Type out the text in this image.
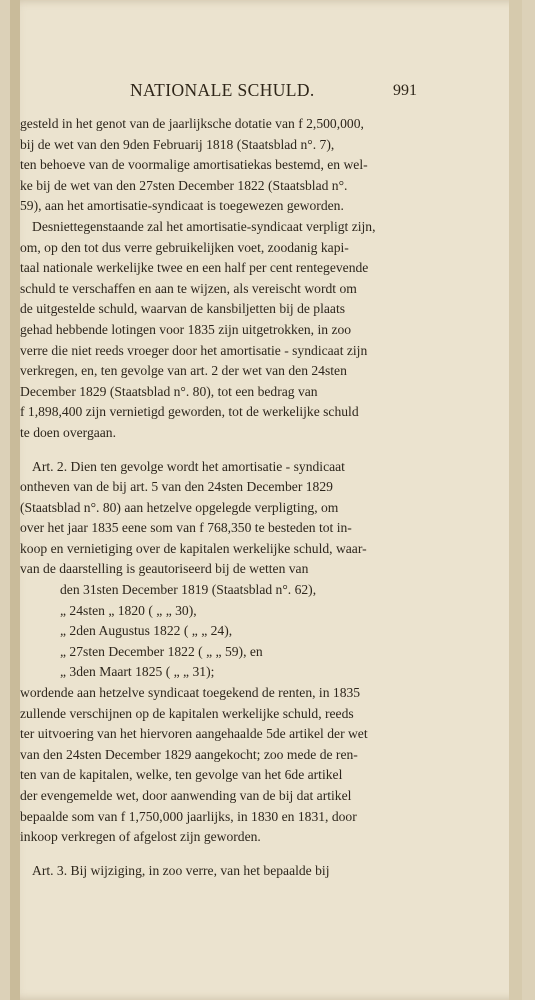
NATIONALE SCHULD.	991

gesteld in het genot van de jaarlijksche dotatie van f 2,500,000,

bij de wet van den 9den Februarij 1818 (Staatsblad n°. 7),

ten behoeve van de voormalige amortisatiekas bestemd, en wel-

ke bij de wet van den 27sten December 1822 (Staatsblad n°.

59), aan het amortisatie-syndicaat is toegewezen geworden.

Desniettegenstaande zal het amortisatie-syndicaat verpligt zijn,

om, op den tot dus verre gebruikelijken voet, zoodanig kapi-

taal nationale werkelijke twee en een half per cent rentegevende

schuld te verschaffen en aan te wijzen, als vereischt wordt om

de uitgestelde schuld, waarvan de kansbiljetten bij de plaats

gehad hebbende lotingen voor 1835 zijn uitgetrokken, in zoo

verre die niet reeds vroeger door het amortisatie - syndicaat zijn

verkregen, en, ten gevolge van art. 2 der wet van den 24sten

December 1829 (Staatsblad n°. 80), tot een bedrag van

f 1,898,400 zijn vernietigd geworden, tot de werkelijke schuld

te doen overgaan.

Art. 2. Dien ten gevolge wordt het amortisatie - syndicaat

ontheven van de bij art. 5 van den 24sten December 1829

(Staatsblad n°. 80) aan hetzelve opgelegde verpligting, om

over het jaar 1835 eene som van f 768,350 te besteden tot in-

koop en vernietiging over de kapitalen werkelijke schuld, waar-

van de daarstelling is geautoriseerd bij de wetten van

den 31sten December 1819 (Staatsblad n°. 62),

„ 24sten „ 1820 ( „ „ 30),

„ 2den Augustus 1822 ( „ „ 24),

„ 27sten December 1822 ( „ „ 59), en

„ 3den Maart 1825 ( „ „ 31);

wordende aan hetzelve syndicaat toegekend de renten, in 1835

zullende verschijnen op de kapitalen werkelijke schuld, reeds

ter uitvoering van het hiervoren aangehaalde 5de artikel der wet

van den 24sten December 1829 aangekocht; zoo mede de ren-

ten van de kapitalen, welke, ten gevolge van het 6de artikel

der evengemelde wet, door aanwending van de bij dat artikel

bepaalde som van f 1,750,000 jaarlijks, in 1830 en 1831, door

inkoop verkregen of afgelost zijn geworden.

Art. 3. Bij wijziging, in zoo verre, van het bepaalde bij
